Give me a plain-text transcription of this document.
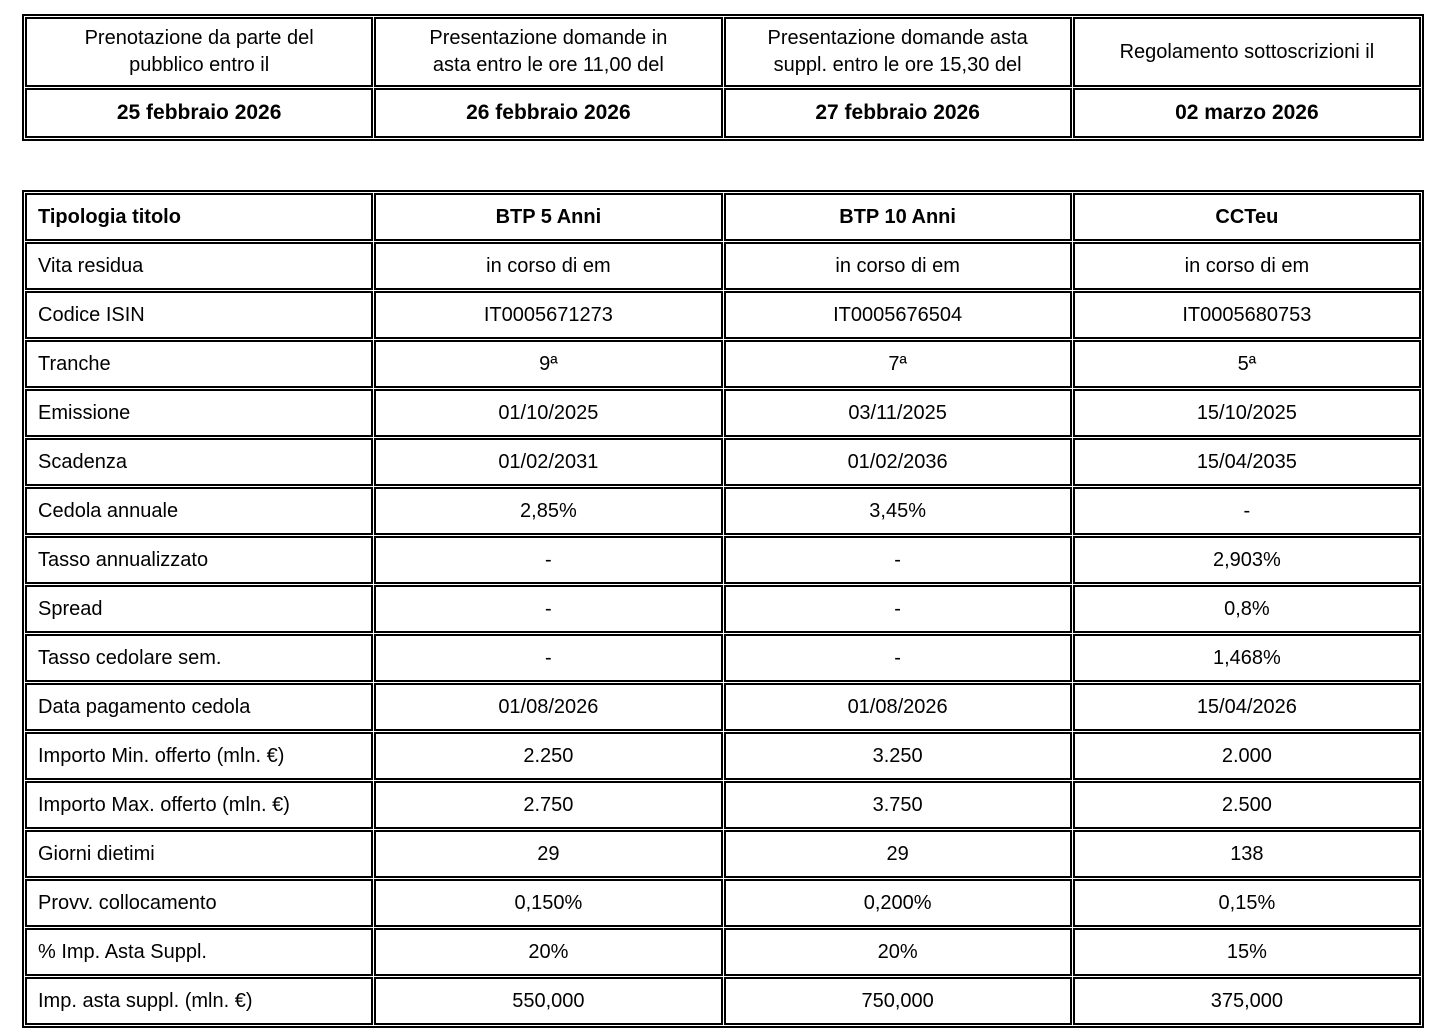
Prenotazione da parte del pubblico entro il	Presentazione domande in asta entro le ore 11,00 del	Presentazione domande asta suppl. entro le ore 15,30 del	Regolamento sottoscrizioni il
25 febbraio 2026	26 febbraio 2026	27 febbraio 2026	02 marzo 2026
Tipologia titolo	BTP 5 Anni	BTP 10 Anni	CCTeu
Vita residua	in corso di em	in corso di em	in corso di em
Codice ISIN	IT0005671273	IT0005676504	IT0005680753
Tranche	9ª	7ª	5ª
Emissione	01/10/2025	03/11/2025	15/10/2025
Scadenza	01/02/2031	01/02/2036	15/04/2035
Cedola annuale	2,85%	3,45%	-
Tasso annualizzato	-	-	2,903%
Spread	-	-	0,8%
Tasso cedolare sem.	-	-	1,468%
Data pagamento cedola	01/08/2026	01/08/2026	15/04/2026
Importo Min. offerto (mln. €)	2.250	3.250	2.000
Importo Max. offerto (mln. €)	2.750	3.750	2.500
Giorni dietimi	29	29	138
Provv. collocamento	0,150%	0,200%	0,15%
% Imp. Asta Suppl.	20%	20%	15%
Imp. asta suppl. (mln. €)	550,000	750,000	375,000
